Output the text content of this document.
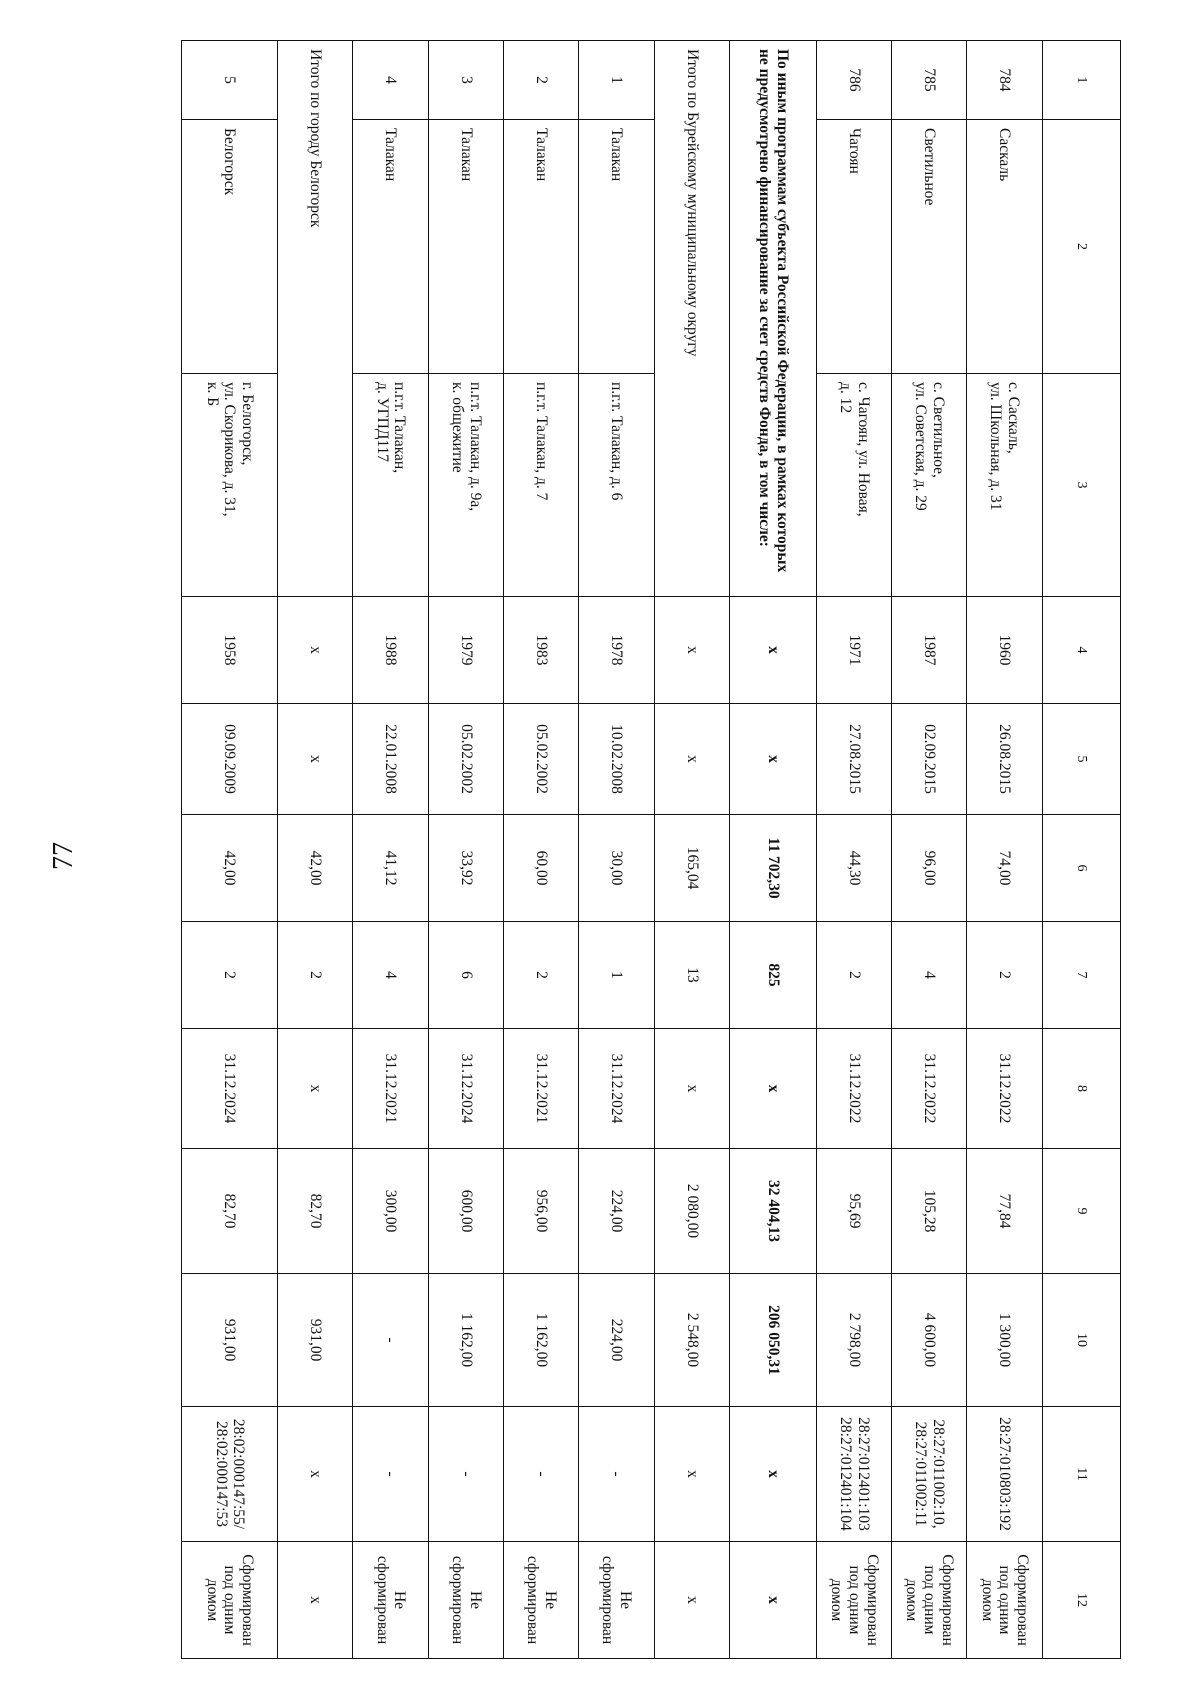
77
1	2	3	4	5	6	7	8	9	10	11	12
784	Саскаль	с. Саскаль,
ул. Школьная, д. 31	1960	26.08.2015	74,00	2	31.12.2022	77,84	1 300,00	28:27:010803:192	Сформирован под одним домом
785	Светильное	с. Светильное,
ул. Советская, д. 29	1987	02.09.2015	96,00	4	31.12.2022	105,28	4 600,00	28:27:011002:10,
28:27:011002:11	Сформирован под одним домом
786	Чагоян	с. Чагоян, ул. Новая,
д. 12	1971	27.08.2015	44,30	2	31.12.2022	95,69	2 798,00	28:27:012401:103
28:27:012401:104	Сформирован под одним домом
По иным программам субъекта Российской Федерации, в рамках которых не предусмотрено финансирование за счет средств Фонда, в том числе:			х	х	11 702,30	825	х	32 404,13	206 050,31	х	х
Итого по Бурейскому муниципальному округу			х	х	165,04	13	х	2 080,00	2 548,00	х	х
1	Талакан	п.г.т. Талакан, д. 6	1978	10.02.2008	30,00	1	31.12.2024	224,00	224,00	-	Не сформирован
2	Талакан	п.г.т. Талакан, д. 7	1983	05.02.2002	60,00	2	31.12.2021	956,00	1 162,00	-	Не сформирован
3	Талакан	п.г.т. Талакан, д. 9а,
к. общежитие	1979	05.02.2002	33,92	6	31.12.2024	600,00	1 162,00	-	Не сформирован
4	Талакан	п.г.т. Талакан,
д. УГПД117	1988	22.01.2008	41,12	4	31.12.2021	300,00	-	-	Не сформирован
Итого по городу Белогорск			х	х	42,00	2	х	82,70	931,00	х	х
5	Белогорск	г. Белогорск,
ул. Скорикова, д. 31,
к. Б	1958	09.09.2009	42,00	2	31.12.2024	82,70	931,00	28:02:000147:55/
28:02:000147:53	Сформирован под одним домом
